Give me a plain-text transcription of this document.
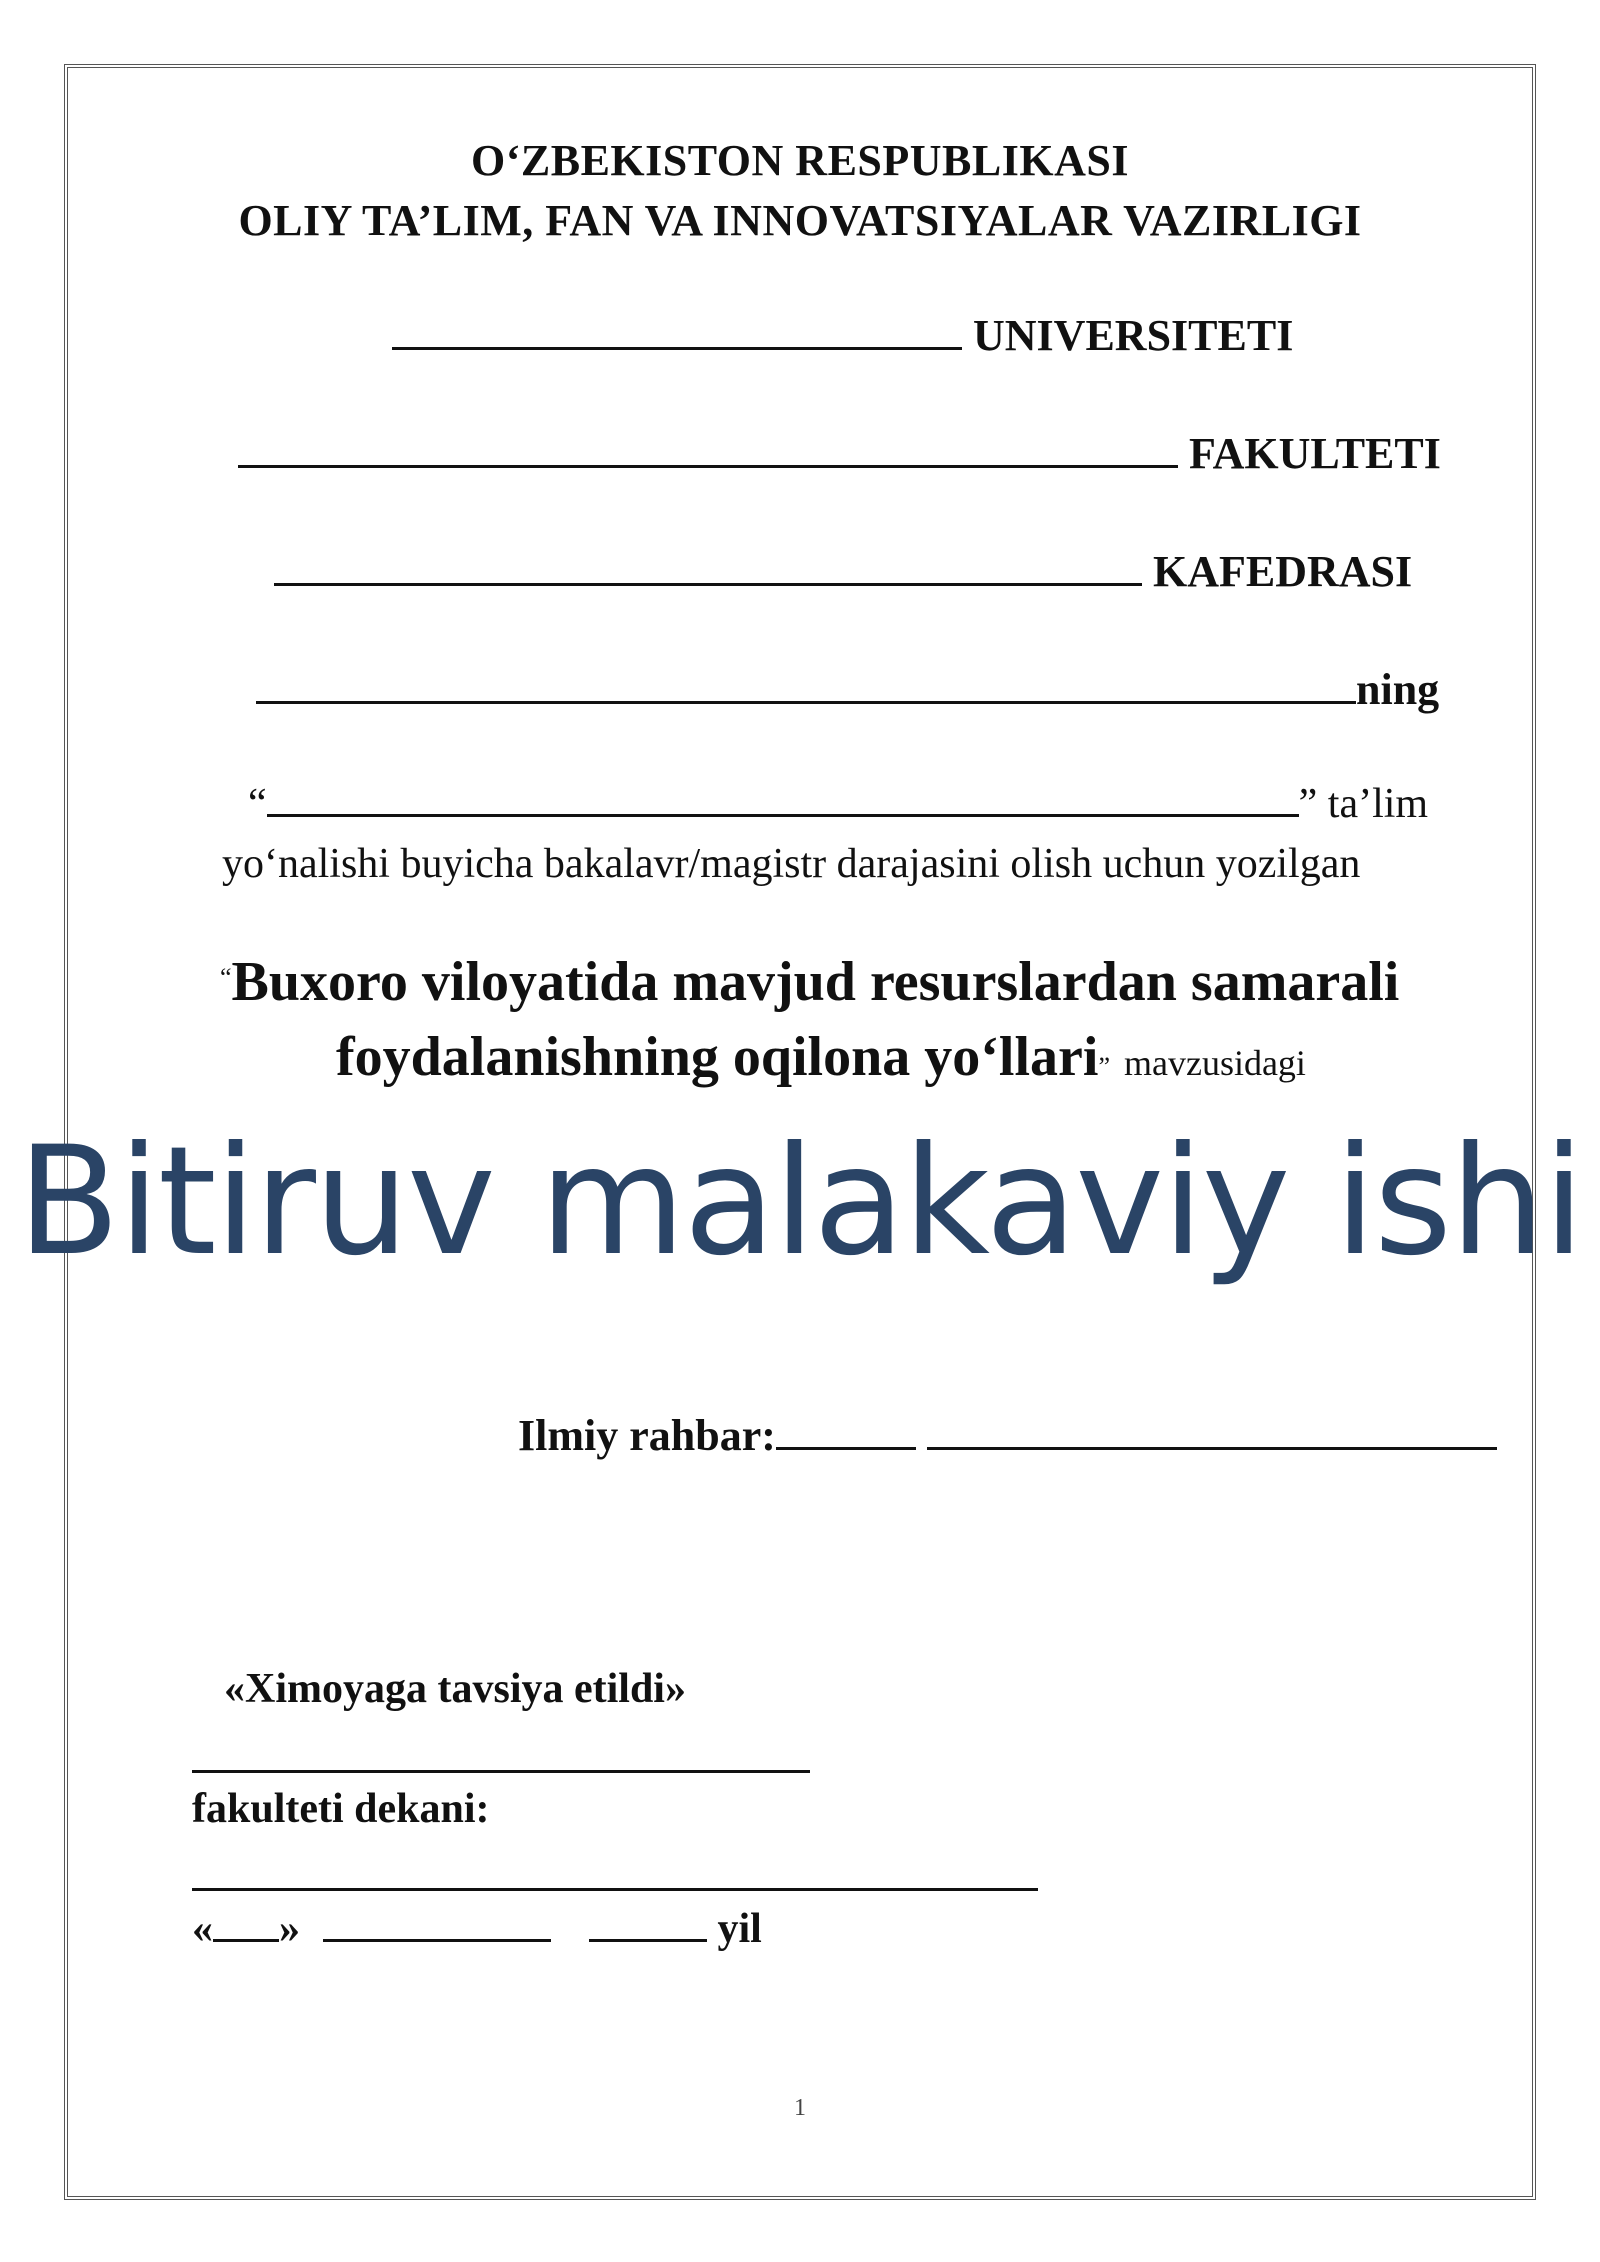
O‘ZBEKISTON RESPUBLIKASI
OLIY TA’LIM, FAN VA INNOVATSIYALAR VAZIRLIGI
UNIVERSITETI
FAKULTETI
KAFEDRASI
ning
“	” ta’lim
yo‘nalishi buyicha bakalavr/magistr darajasini olish uchun yozilgan
“Buxoro viloyatida mavjud resurslardan samarali
foydalanishning oqilona yo‘llari” mavzusidagi
Bitiruv malakaviy ishi
Ilmiy rahbar:
«Ximoyaga tavsiya etildi»
fakulteti dekani:
« »	yil
1
